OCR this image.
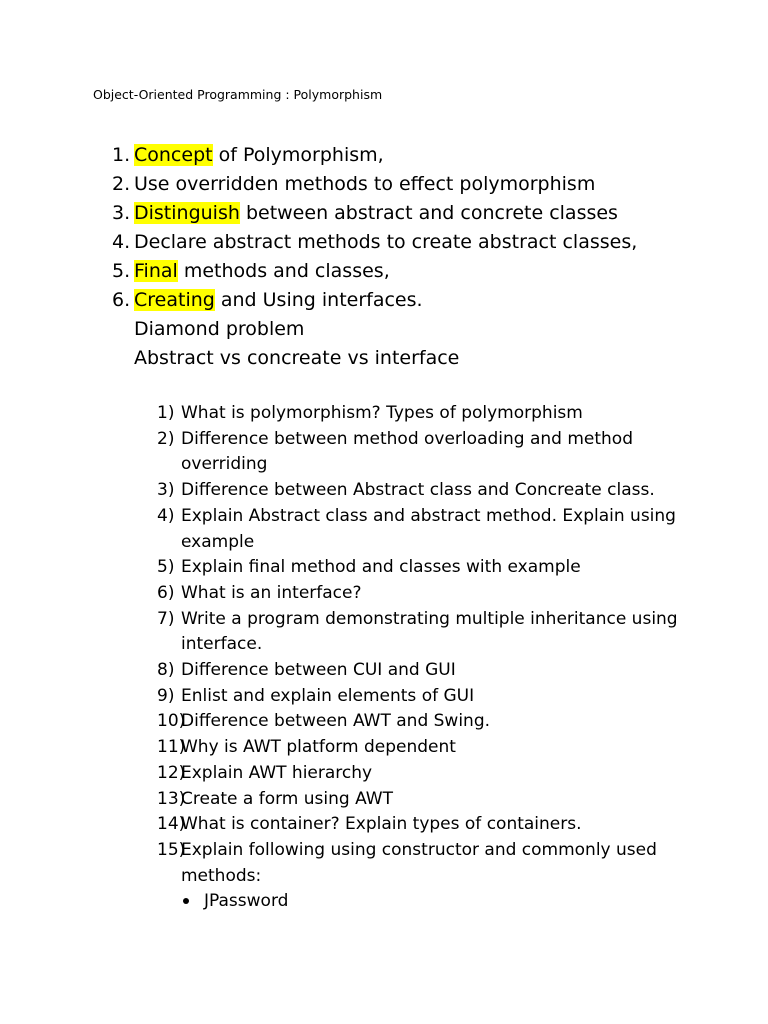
Object-Oriented Programming : Polymorphism
1. Concept of Polymorphism,
2. Use overridden methods to effect polymorphism
3. Distinguish between abstract and concrete classes
4. Declare abstract methods to create abstract classes,
5. Final methods and classes,
6. Creating and Using interfaces.
Diamond problem
Abstract vs concreate vs interface
1) What is polymorphism? Types of polymorphism
2) Difference between method overloading and method overriding
3) Difference between Abstract class and Concreate class.
4) Explain Abstract class and abstract method. Explain using example
5) Explain final method and classes with example
6) What is an interface?
7) Write a program demonstrating multiple inheritance using interface.
8) Difference between CUI and GUI
9) Enlist and explain elements of GUI
10)
Difference between AWT and Swing.
11)
Why is AWT platform dependent
12)
Explain AWT hierarchy
13)
Create a form using AWT
14)
What is container? Explain types of containers.
15)
Explain following using constructor and commonly used methods:
JPassword
